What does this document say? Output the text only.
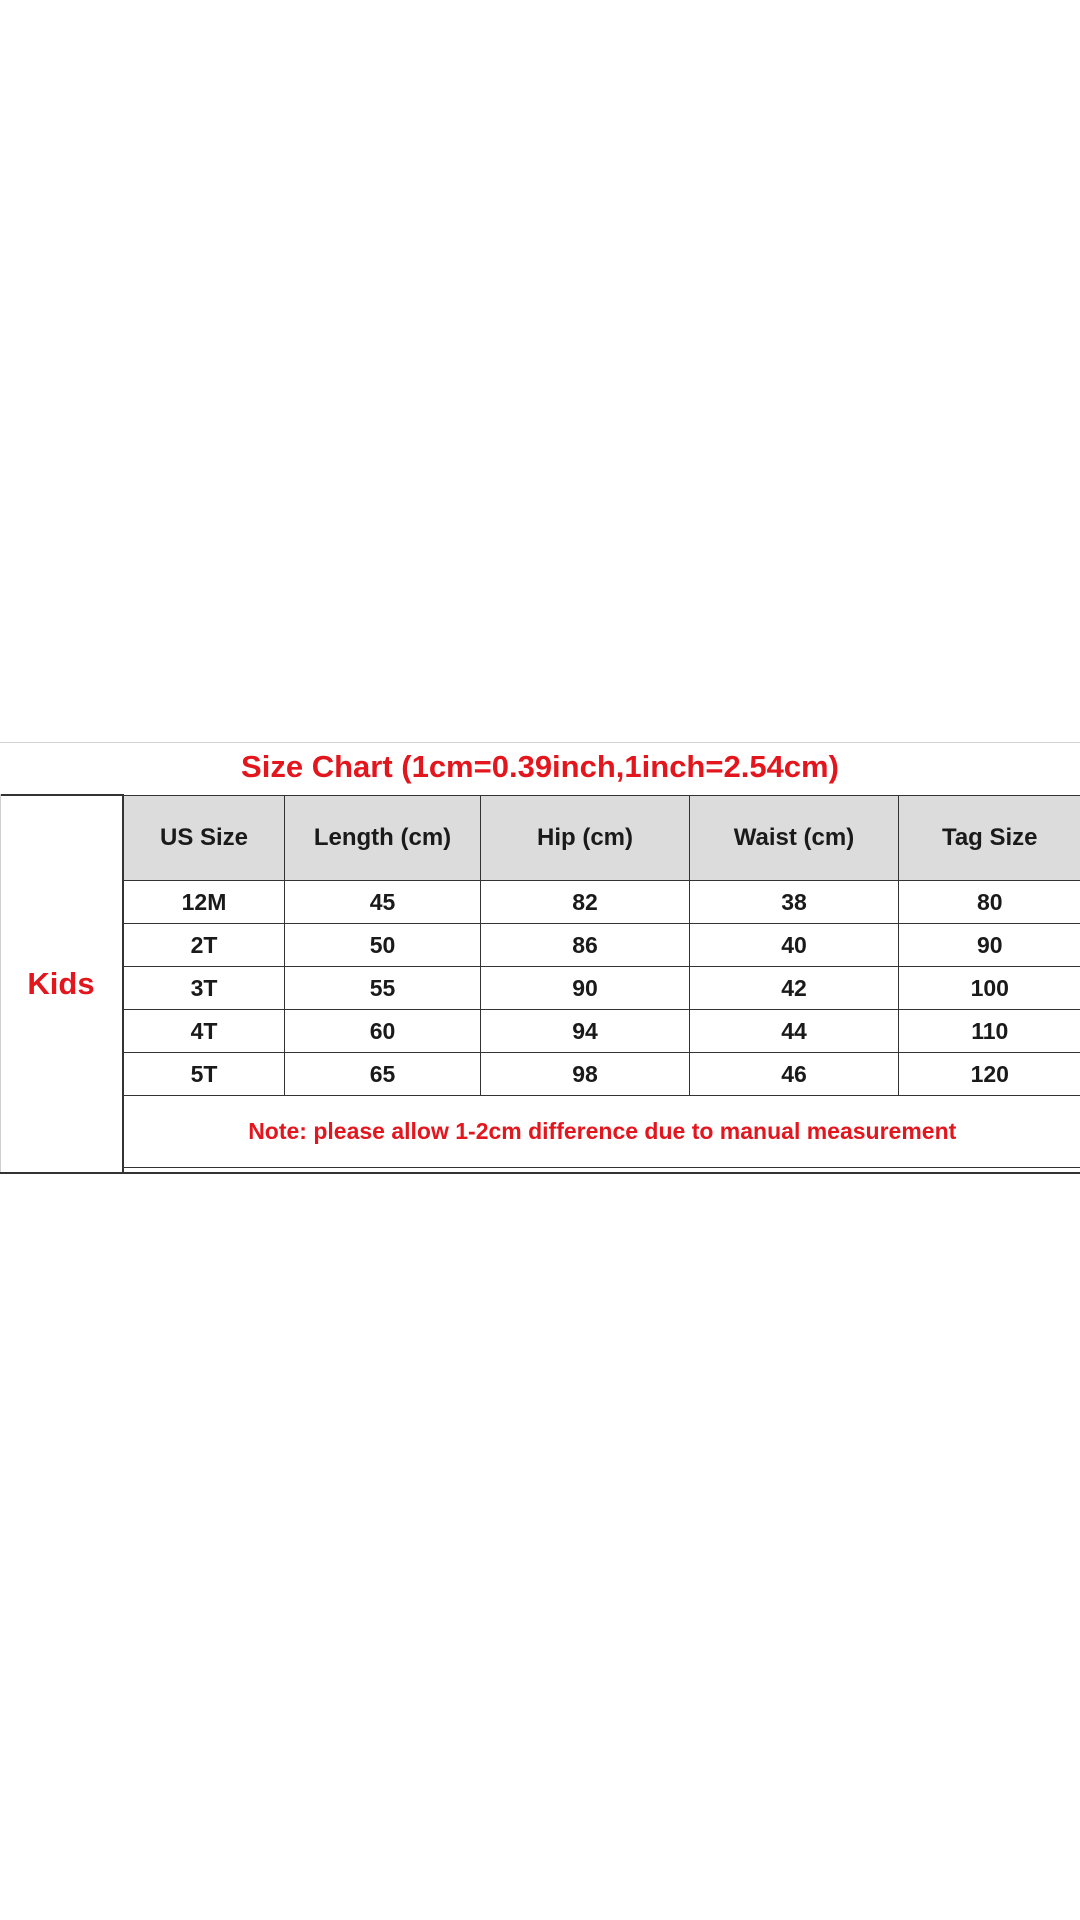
Size Chart (1cm=0.39inch,1inch=2.54cm)
Kids
US Size	Length (cm)	Hip (cm)	Waist (cm)	Tag Size
12M	45	82	38	80
2T	50	86	40	90
3T	55	90	42	100
4T	60	94	44	110
5T	65	98	46	120
Note: please allow 1-2cm difference due to manual measurement				
